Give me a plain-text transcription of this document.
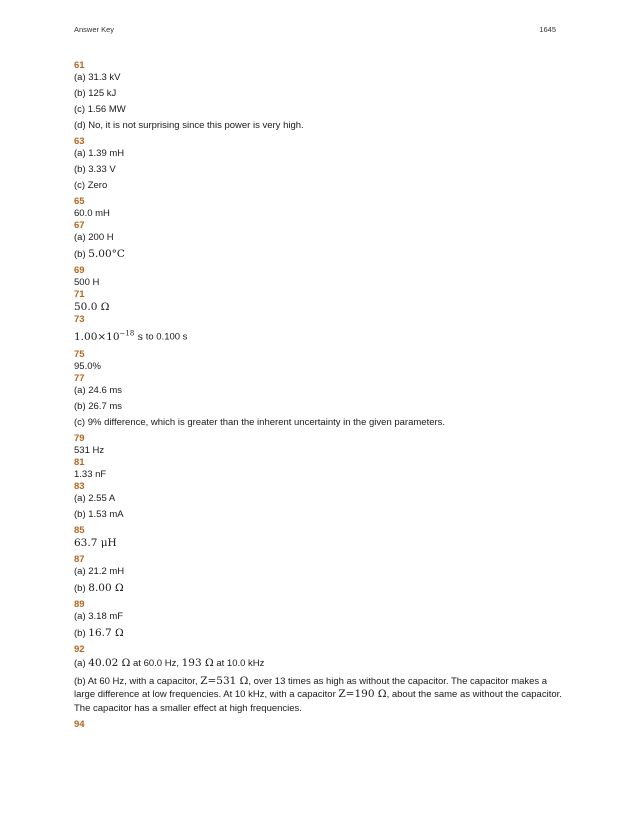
Answer Key	1645
61
(a) 31.3 kV
(b) 125 kJ
(c) 1.56 MW
(d) No, it is not surprising since this power is very high.
63
(a) 1.39 mH
(b) 3.33 V
(c) Zero
65
60.0 mH
67
(a) 200 H
(b) 5.00°C
69
500 H
71
50.0 Ω
73
$1.00\times 10^{-18}$ s to 0.100 s
75
95.0%
77
(a) 24.6 ms
(b) 26.7 ms
(c) 9% difference, which is greater than the inherent uncertainty in the given parameters.
79
531 Hz
81
1.33 nF
83
(a) 2.55 A
(b) 1.53 mA
85
63.7 μH
87
(a) 21.2 mH
(b) 8.00 Ω
89
(a) 3.18 mF
(b) 16.7 Ω
92
(a) 40.02 Ω at 60.0 Hz, 193 Ω at 10.0 kHz
(b) At 60 Hz, with a capacitor, Z=531 Ω, over 13 times as high as without the capacitor. The capacitor makes a large difference at low frequencies. At 10 kHz, with a capacitor Z=190 Ω, about the same as without the capacitor. The capacitor has a smaller effect at high frequencies.
94
